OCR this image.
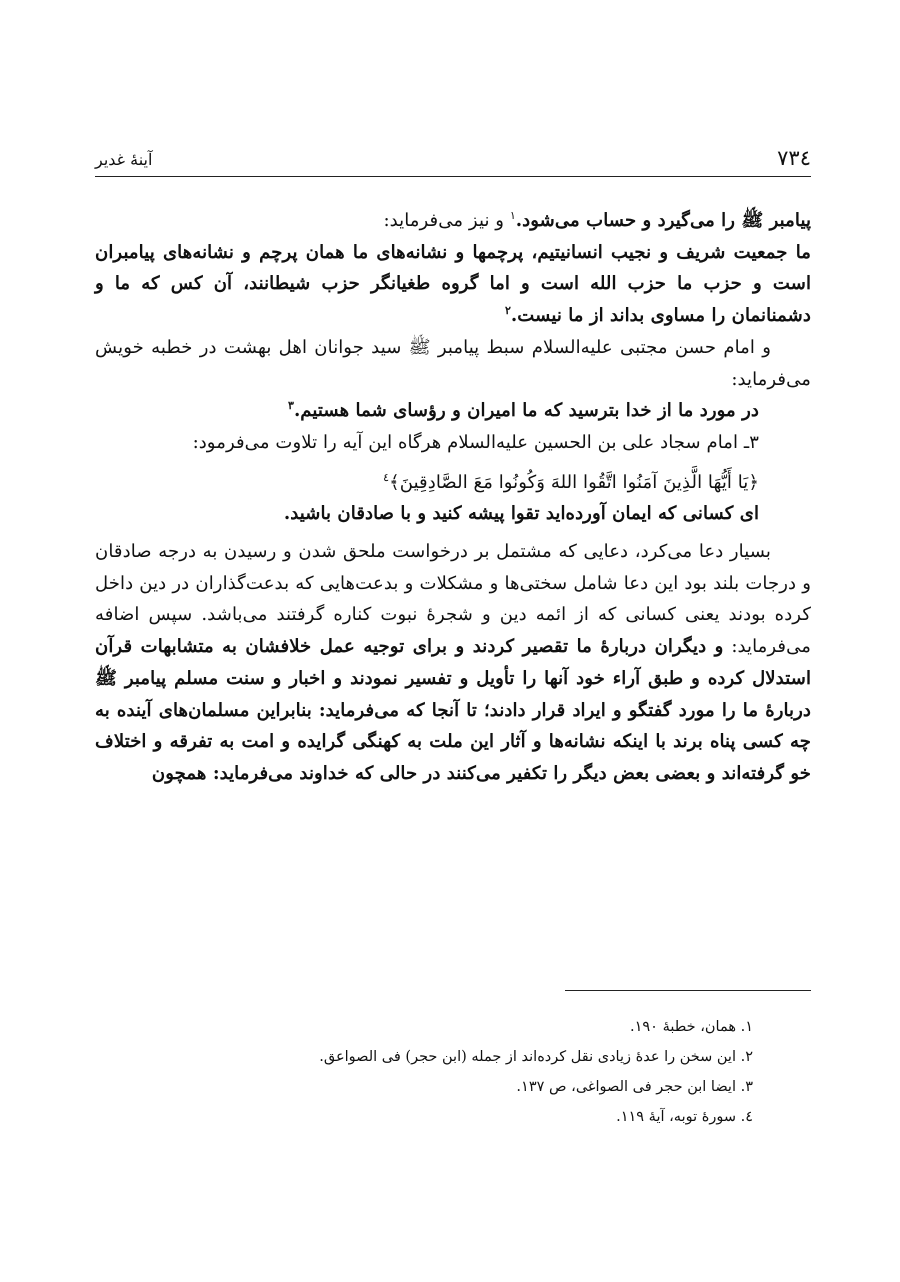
۷۳٤
آینهٔ غدیر

پیامبر ﷺ را می‌گیرد و حساب می‌شود.$^۱$ و نیز می‌فرماید:

ما جمعیت شریف و نجیب انسانیتیم، پرچمها و نشانه‌های ما همان پرچم و نشانه‌های پیامبران است و حزب ما حزب الله است و اما گروه طغیانگر حزب شیطانند، آن کس که ما و دشمنانمان را مساوی بداند از ما نیست.$^۲$

و امام حسن مجتبی علیه‌السلام سبط پیامبر ﷺ سید جوانان اهل بهشت در خطبه خویش می‌فرماید:

در مورد ما از خدا بترسید که ما امیران و رؤسای شما هستیم.$^۳$

۳ـ امام سجاد علی بن الحسین علیه‌السلام هرگاه این آیه را تلاوت می‌فرمود:

﴿یَا أَیُّهَا الَّذِینَ آمَنُوا اتَّقُوا اللهَ وَکُونُوا مَعَ الصَّادِقِینَ﴾$^٤$

ای کسانی که ایمان آورده‌اید تقوا پیشه کنید و با صادقان باشید.

بسیار دعا می‌کرد، دعایی که مشتمل بر درخواست ملحق شدن و رسیدن به درجه صادقان و درجات بلند بود این دعا شامل سختی‌ها و مشکلات و بدعت‌هایی که بدعت‌گذاران در دین داخل کرده بودند یعنی کسانی که از ائمه دین و شجرهٔ نبوت کناره گرفتند می‌باشد. سپس اضافه می‌فرماید: و دیگران دربارهٔ ما تقصیر کردند و برای توجیه عمل خلافشان به متشابهات قرآن استدلال کرده و طبق آراء خود آنها را تأویل و تفسیر نمودند و اخبار و سنت مسلم پیامبر ﷺ دربارهٔ ما را مورد گفتگو و ایراد قرار دادند؛ تا آنجا که می‌فرماید: بنابراین مسلمان‌های آینده به چه کسی پناه برند با اینکه نشانه‌ها و آثار این ملت به کهنگی گرایده و امت به تفرقه و اختلاف خو گرفته‌اند و بعضی بعض دیگر را تکفیر می‌کنند در حالی که خداوند می‌فرماید: همچون

۱. همان، خطبهٔ ۱۹۰.
۲. این سخن را عدهٔ زیادی نقل کرده‌اند از جمله (ابن حجر) فی الصواعق.
۳. ایضا ابن حجر فی الصواغی، ص ۱۳۷.
٤. سورهٔ توبه، آیهٔ ۱۱۹.
